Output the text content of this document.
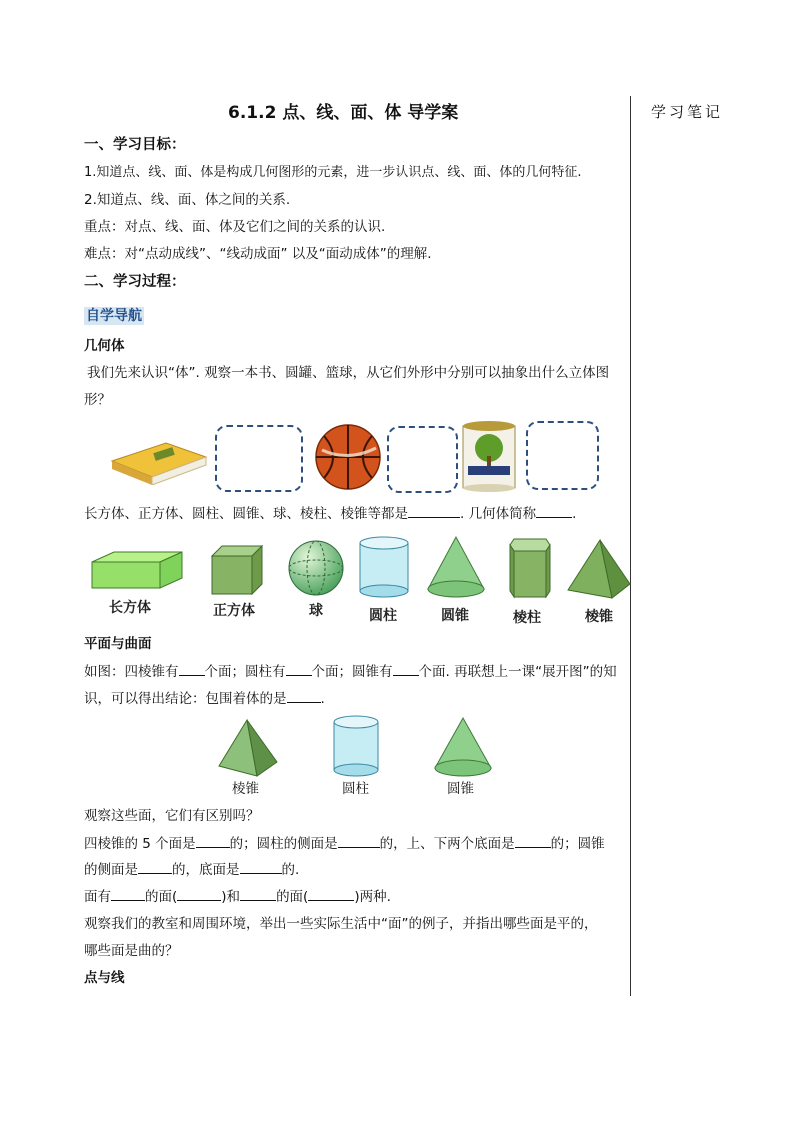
6.1.2 点、线、面、体 导学案	学习笔记
一、学习目标：
1.知道点、线、面、体是构成几何图形的元素，进一步认识点、线、面、体的几何特征.
2.知道点、线、面、体之间的关系.
重点：对点、线、面、体及它们之间的关系的认识.
难点：对“点动成线”、“线动成面” 以及“面动成体”的理解.
二、学习过程：
自学导航
几何体
我们先来认识“体”. 观察一本书、圆罐、篮球，从它们外形中分别可以抽象出什么立体图
形？
长方体、正方体、圆柱、圆锥、球、棱柱、棱锥等都是	. 几何体简称	.
长方体	正方体	球	圆柱	圆锥	棱柱	棱锥
平面与曲面
如图：四棱锥有 个面；圆柱有 个面；圆锥有 个面. 再联想上一课“展开图”的知
识，可以得出结论：包围着体的是	.
棱锥	圆柱	圆锥
观察这些面，它们有区别吗？
四棱锥的 5 个面是	的；圆柱的侧面是	的，上、下两个底面是	的；圆锥
的侧面是	的，底面是	的.
面有	的面(	)和	的面(	)两种.
观察我们的教室和周围环境，举出一些实际生活中“面”的例子，并指出哪些面是平的，
哪些面是曲的？
点与线
